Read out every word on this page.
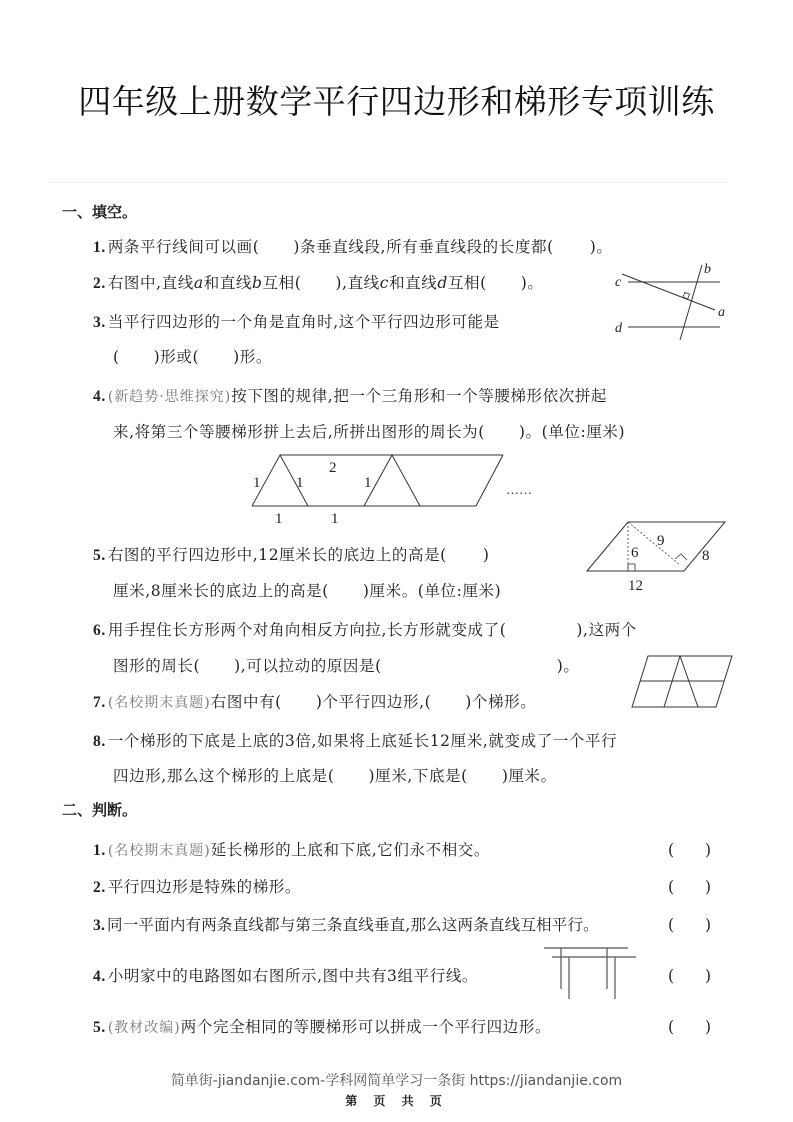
四年级上册数学平行四边形和梯形专项训练
一、填空。
1. 两条平行线间可以画( )条垂直线段,所有垂直线段的长度都( )。
2. 右图中,直线a和直线b互相( ),直线c和直线d互相( )。	c
b
a
d
3. 当平行四边形的一个角是直角时,这个平行四边形可能是
( )形或( )形。
4. (新趋势·思维探究)按下图的规律,把一个三角形和一个等腰梯形依次拼起
来,将第三个等腰梯形拼上去后,所拼出图形的周长为( )。(单位:厘米)
1 1
2
1
1	1
……
5. 右图的平行四边形中,12厘米长的底边上的高是( )
厘米,8厘米长的底边上的高是( )厘米。(单位:厘米)
6
9
8
12
6. 用手捏住长方形两个对角向相反方向拉,长方形就变成了(	),这两个
图形的周长( ),可以拉动的原因是(	)。
7. (名校期末真题)右图中有( )个平行四边形,( )个梯形。
8. 一个梯形的下底是上底的3倍,如果将上底延长12厘米,就变成了一个平行
四边形,那么这个梯形的上底是( )厘米,下底是( )厘米。
二、判断。
1. (名校期末真题)延长梯形的上底和下底,它们永不相交。	(　　)
2. 平行四边形是特殊的梯形。	(　　)
3. 同一平面内有两条直线都与第三条直线垂直,那么这两条直线互相平行。	(　　)
4. 小明家中的电路图如右图所示,图中共有3组平行线。	(　　)
5. (教材改编)两个完全相同的等腰梯形可以拼成一个平行四边形。	(　　)
简单街-jiandanjie.com-学科网简单学习一条街 https://jiandanjie.com
第 页 共 页
